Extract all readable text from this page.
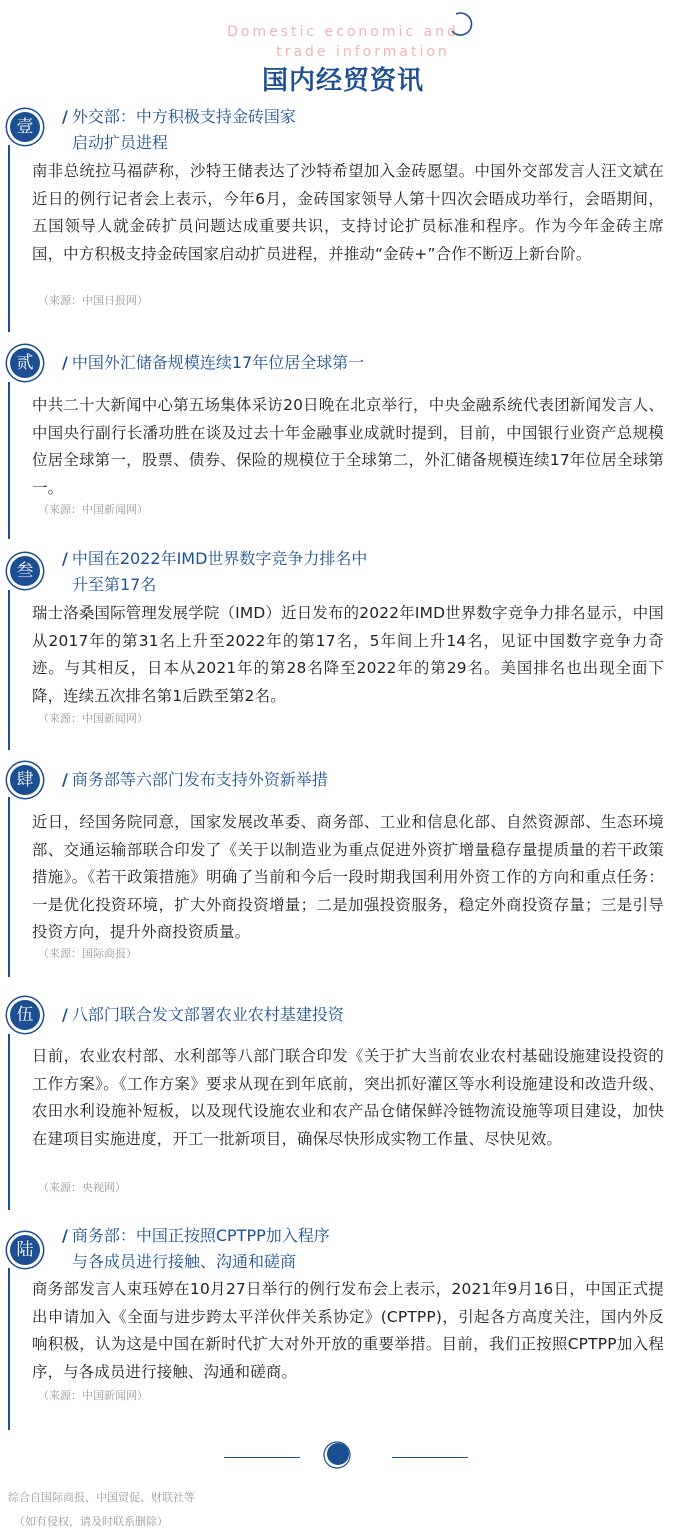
Domestic economic and
trade information
国内经贸资讯
壹
/ 外交部：中方积极支持金砖国家
启动扩员进程
南非总统拉马福萨称，沙特王储表达了沙特希望加入金砖愿望。中国外交部发言人汪文斌在近日的例行记者会上表示，今年6月，金砖国家领导人第十四次会晤成功举行，会晤期间，五国领导人就金砖扩员问题达成重要共识，支持讨论扩员标准和程序。作为今年金砖主席国，中方积极支持金砖国家启动扩员进程，并推动“金砖+”合作不断迈上新台阶。
（来源：中国日报网）
贰	/ 中国外汇储备规模连续17年位居全球第一
中共二十大新闻中心第五场集体采访20日晚在北京举行，中央金融系统代表团新闻发言人、中国央行副行长潘功胜在谈及过去十年金融事业成就时提到，目前，中国银行业资产总规模位居全球第一，股票、债券、保险的规模位于全球第二，外汇储备规模连续17年位居全球第一。
（来源：中国新闻网）
叁
/ 中国在2022年IMD世界数字竞争力排名中
升至第17名
瑞士洛桑国际管理发展学院（IMD）近日发布的2022年IMD世界数字竞争力排名显示，中国从2017年的第31名上升至2022年的第17名，5年间上升14名，见证中国数字竞争力奇迹。与其相反，日本从2021年的第28名降至2022年的第29名。美国排名也出现全面下降，连续五次排名第1后跌至第2名。
（来源：中国新闻网）
肆	/ 商务部等六部门发布支持外资新举措
近日，经国务院同意，国家发展改革委、商务部、工业和信息化部、自然资源部、生态环境部、交通运输部联合印发了《关于以制造业为重点促进外资扩增量稳存量提质量的若干政策措施》。《若干政策措施》明确了当前和今后一段时期我国利用外资工作的方向和重点任务：一是优化投资环境，扩大外商投资增量；二是加强投资服务，稳定外商投资存量；三是引导投资方向，提升外商投资质量。
（来源：国际商报）
伍	/ 八部门联合发文部署农业农村基建投资
日前，农业农村部、水利部等八部门联合印发《关于扩大当前农业农村基础设施建设投资的工作方案》。《工作方案》要求从现在到年底前，突出抓好灌区等水利设施建设和改造升级、农田水利设施补短板，以及现代设施农业和农产品仓储保鲜冷链物流设施等项目建设，加快在建项目实施进度，开工一批新项目，确保尽快形成实物工作量、尽快见效。
（来源：央视网）
陆
/ 商务部：中国正按照CPTPP加入程序
与各成员进行接触、沟通和磋商
商务部发言人束珏婷在10月27日举行的例行发布会上表示，2021年9月16日，中国正式提出申请加入《全面与进步跨太平洋伙伴关系协定》(CPTPP)，引起各方高度关注，国内外反响积极，认为这是中国在新时代扩大对外开放的重要举措。目前，我们正按照CPTPP加入程序，与各成员进行接触、沟通和磋商。
（来源：中国新闻网）
综合自国际商报、中国贸促、财联社等
（如有侵权，请及时联系删除）
